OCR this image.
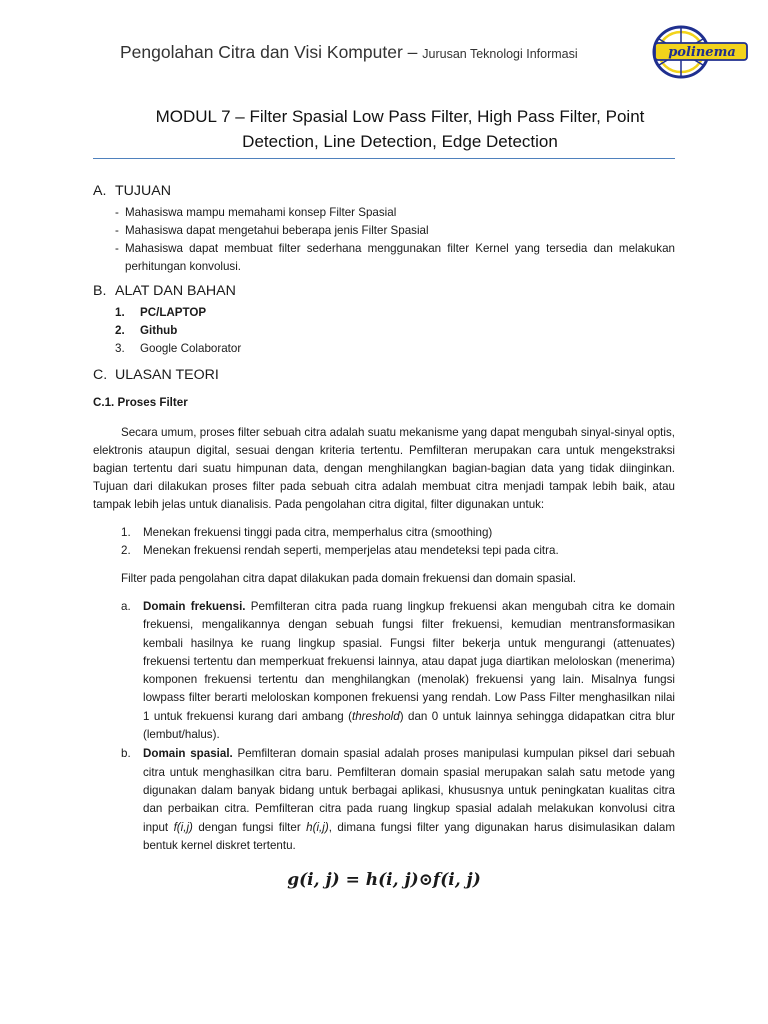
Pengolahan Citra dan Visi Komputer – Jurusan Teknologi Informasi	polinema
MODUL 7 – Filter Spasial Low Pass Filter, High Pass Filter, Point
Detection, Line Detection, Edge Detection
A. TUJUAN
- Mahasiswa mampu memahami konsep Filter Spasial
- Mahasiswa dapat mengetahui beberapa jenis Filter Spasial
- Mahasiswa dapat membuat filter sederhana menggunakan filter Kernel yang tersedia dan melakukan perhitungan konvolusi.
B. ALAT DAN BAHAN
1. PC/LAPTOP
2. Github
3. Google Colaborator
C. ULASAN TEORI
C.1. Proses Filter

Secara umum, proses filter sebuah citra adalah suatu mekanisme yang dapat mengubah sinyal-sinyal optis, elektronis ataupun digital, sesuai dengan kriteria tertentu. Pemfilteran merupakan cara untuk mengekstraksi bagian tertentu dari suatu himpunan data, dengan menghilangkan bagian-bagian data yang tidak diinginkan. Tujuan dari dilakukan proses filter pada sebuah citra adalah membuat citra menjadi tampak lebih baik, atau tampak lebih jelas untuk dianalisis. Pada pengolahan citra digital, filter digunakan untuk:

1. Menekan frekuensi tinggi pada citra, memperhalus citra (smoothing)
2. Menekan frekuensi rendah seperti, memperjelas atau mendeteksi tepi pada citra.

Filter pada pengolahan citra dapat dilakukan pada domain frekuensi dan domain spasial.

a. Domain frekuensi. Pemfilteran citra pada ruang lingkup frekuensi akan mengubah citra ke domain frekuensi, mengalikannya dengan sebuah fungsi filter frekuensi, kemudian mentransformasikan kembali hasilnya ke ruang lingkup spasial. Fungsi filter bekerja untuk mengurangi (attenuates) frekuensi tertentu dan memperkuat frekuensi lainnya, atau dapat juga diartikan meloloskan (menerima) komponen frekuensi tertentu dan menghilangkan (menolak) frekuensi yang lain. Misalnya fungsi lowpass filter berarti meloloskan komponen frekuensi yang rendah. Low Pass Filter menghasilkan nilai 1 untuk frekuensi kurang dari ambang (threshold) dan 0 untuk lainnya sehingga didapatkan citra blur (lembut/halus).
b. Domain spasial. Pemfilteran domain spasial adalah proses manipulasi kumpulan piksel dari sebuah citra untuk menghasilkan citra baru. Pemfilteran domain spasial merupakan salah satu metode yang digunakan dalam banyak bidang untuk berbagai aplikasi, khususnya untuk peningkatan kualitas citra dan perbaikan citra. Pemfilteran citra pada ruang lingkup spasial adalah melakukan konvolusi citra input f(i,j) dengan fungsi filter h(i,j), dimana fungsi filter yang digunakan harus disimulasikan dalam bentuk kernel diskret tertentu.
g(i, j) = h(i, j)⊙f(i, j)
